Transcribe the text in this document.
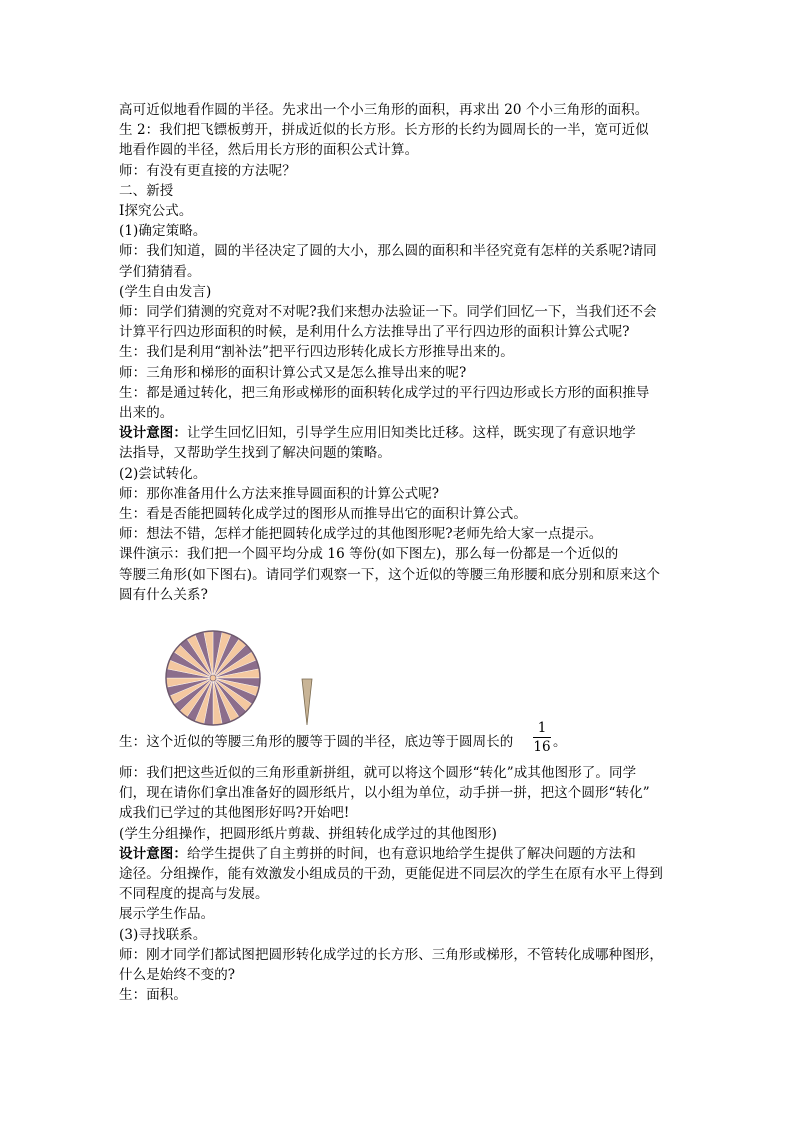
高可近似地看作圆的半径。先求出一个小三角形的面积，再求出 20 个小三角形的面积。
生 2：我们把飞镖板剪开，拼成近似的长方形。长方形的长约为圆周长的一半，宽可近似
地看作圆的半径，然后用长方形的面积公式计算。
师：有没有更直接的方法呢？
二、新授
Ⅰ探究公式。
(1)确定策略。
师：我们知道，圆的半径决定了圆的大小，那么圆的面积和半径究竟有怎样的关系呢?请同
学们猜猜看。
(学生自由发言)
师：同学们猜测的究竟对不对呢?我们来想办法验证一下。同学们回忆一下，当我们还不会
计算平行四边形面积的时候，是利用什么方法推导出了平行四边形的面积计算公式呢?
生：我们是利用“割补法”把平行四边形转化成长方形推导出来的。
师：三角形和梯形的面积计算公式又是怎么推导出来的呢?
生：都是通过转化，把三角形或梯形的面积转化成学过的平行四边形或长方形的面积推导
出来的。
设计意图：让学生回忆旧知，引导学生应用旧知类比迁移。这样，既实现了有意识地学
法指导，又帮助学生找到了解决问题的策略。
(2)尝试转化。
师：那你准备用什么方法来推导圆面积的计算公式呢?
生：看是否能把圆转化成学过的图形从而推导出它的面积计算公式。
师：想法不错，怎样才能把圆转化成学过的其他图形呢?老师先给大家一点提示。
课件演示：我们把一个圆平均分成 16 等份(如下图左)，那么每一份都是一个近似的
等腰三角形(如下图右)。请同学们观察一下，这个近似的等腰三角形腰和底分别和原来这个
圆有什么关系?
生：这个近似的等腰三角形的腰等于圆的半径，底边等于圆周长的
1
16 。
师：我们把这些近似的三角形重新拼组，就可以将这个圆形“转化”成其他图形了。同学
们，现在请你们拿出准备好的圆形纸片，以小组为单位，动手拼一拼，把这个圆形“转化”
成我们已学过的其他图形好吗?开始吧!
(学生分组操作，把圆形纸片剪裁、拼组转化成学过的其他图形)
设计意图：给学生提供了自主剪拼的时间，也有意识地给学生提供了解决问题的方法和
途径。分组操作，能有效激发小组成员的干劲，更能促进不同层次的学生在原有水平上得到
不同程度的提高与发展。
展示学生作品。
(3)寻找联系。
师：刚才同学们都试图把圆形转化成学过的长方形、三角形或梯形，不管转化成哪种图形，
什么是始终不变的?
生：面积。
